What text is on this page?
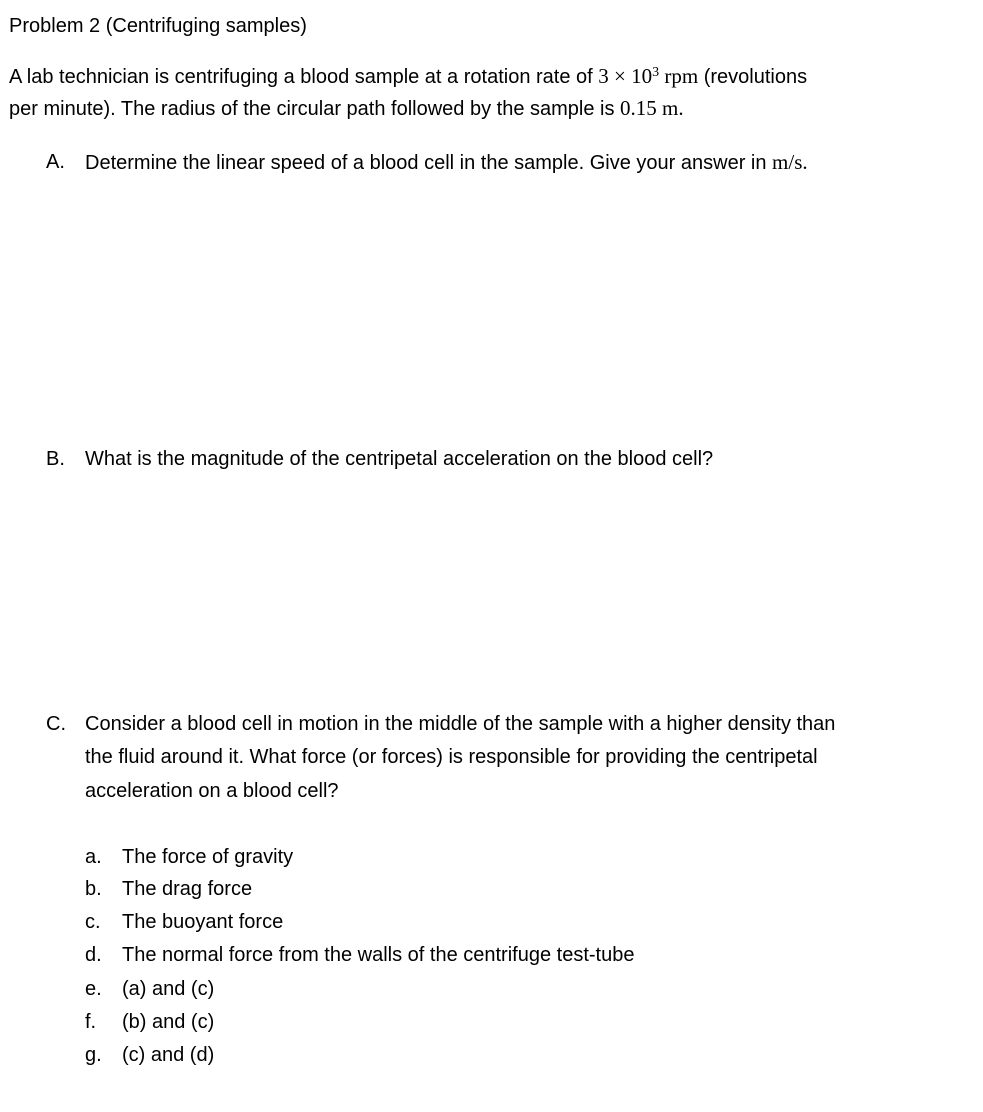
Problem 2 (Centrifuging samples)
A lab technician is centrifuging a blood sample at a rotation rate of $3 \times 10^3$ rpm (revolutions
per minute). The radius of the circular path followed by the sample is 0.15 m.
A. Determine the linear speed of a blood cell in the sample. Give your answer in m/s.
B. What is the magnitude of the centripetal acceleration on the blood cell?
C. Consider a blood cell in motion in the middle of the sample with a higher density than
the fluid around it. What force (or forces) is responsible for providing the centripetal
acceleration on a blood cell?
a. The force of gravity
b. The drag force
c. The buoyant force
d. The normal force from the walls of the centrifuge test-tube
e. (a) and (c)
f. (b) and (c)
g. (c) and (d)
